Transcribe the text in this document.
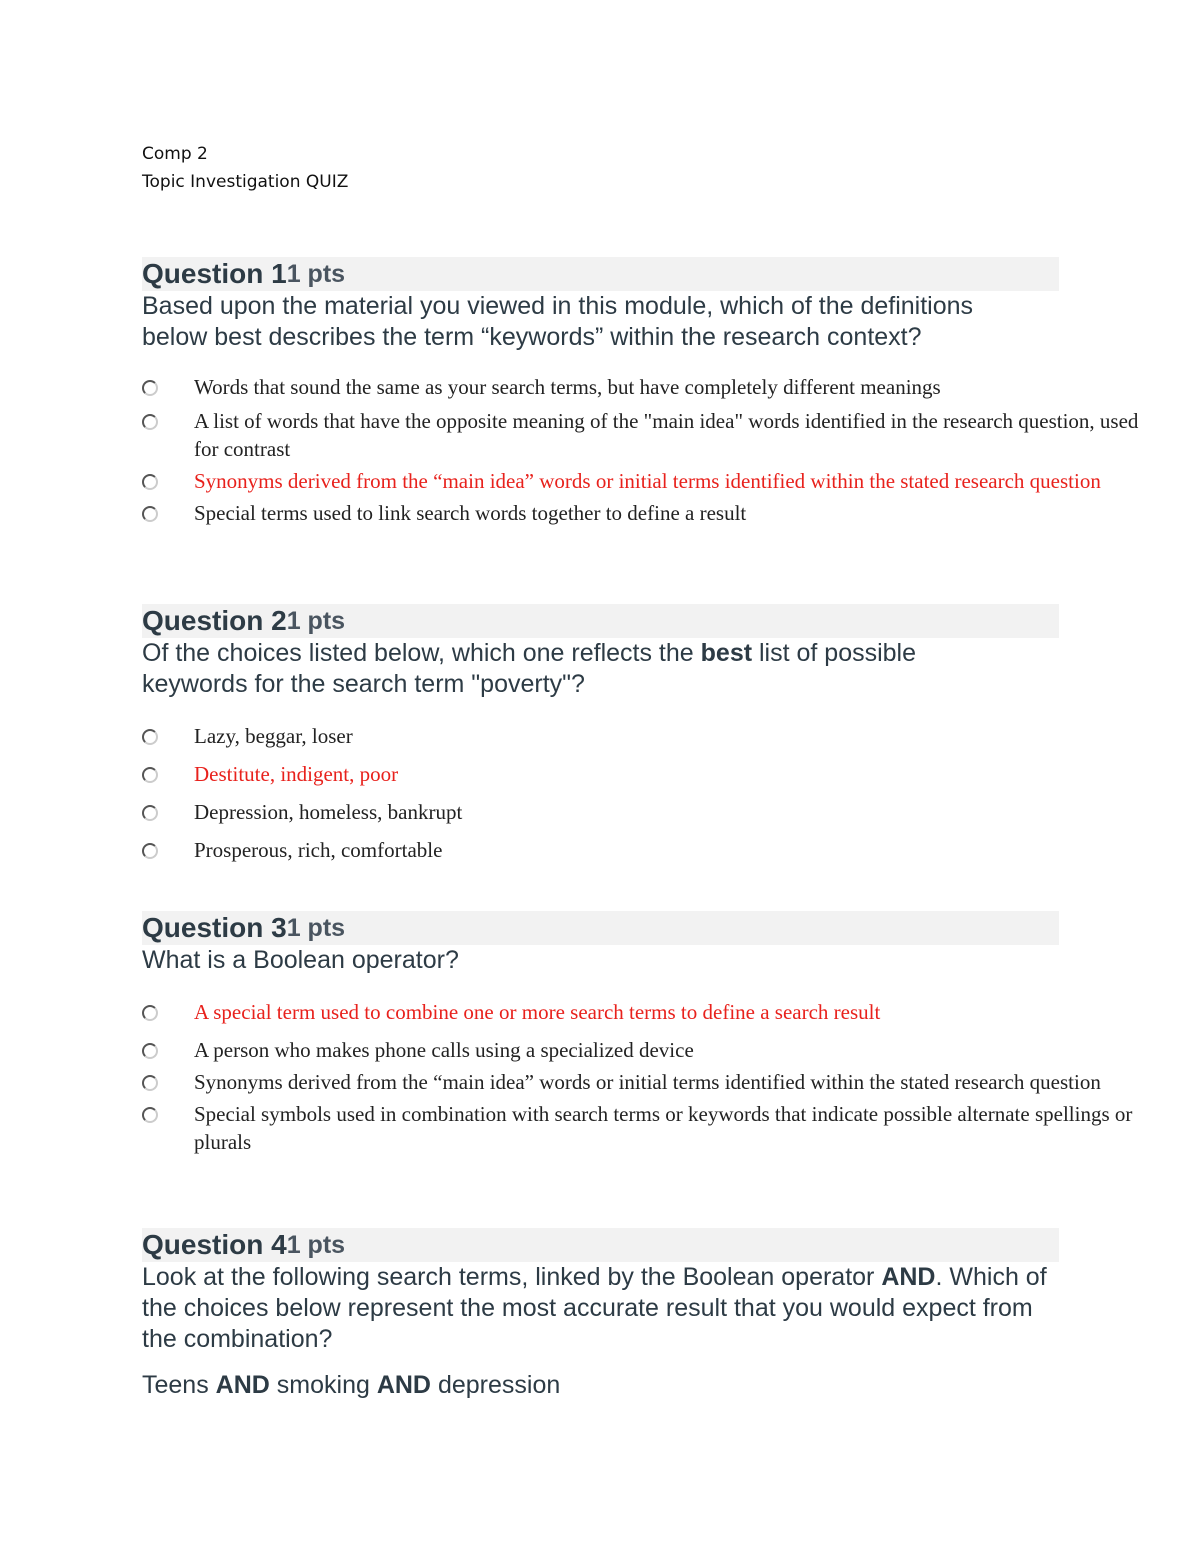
Comp 2
Topic Investigation QUIZ
Question 1 1 pts
Based upon the material you viewed in this module, which of the definitions below best describes the term “keywords” within the research context?
Words that sound the same as your search terms, but have completely different meanings
A list of words that have the opposite meaning of the "main idea" words identified in the research question, used for contrast
Synonyms derived from the “main idea” words or initial terms identified within the stated research question
Special terms used to link search words together to define a result
Question 2 1 pts
Of the choices listed below, which one reflects the best list of possible keywords for the search term "poverty"?
Lazy, beggar, loser
Destitute, indigent, poor
Depression, homeless, bankrupt
Prosperous, rich, comfortable
Question 3 1 pts
What is a Boolean operator?
A special term used to combine one or more search terms to define a search result
A person who makes phone calls using a specialized device
Synonyms derived from the “main idea” words or initial terms identified within the stated research question
Special symbols used in combination with search terms or keywords that indicate possible alternate spellings or plurals
Question 4 1 pts
Look at the following search terms, linked by the Boolean operator AND. Which of the choices below represent the most accurate result that you would expect from the combination?
Teens AND smoking AND depression
